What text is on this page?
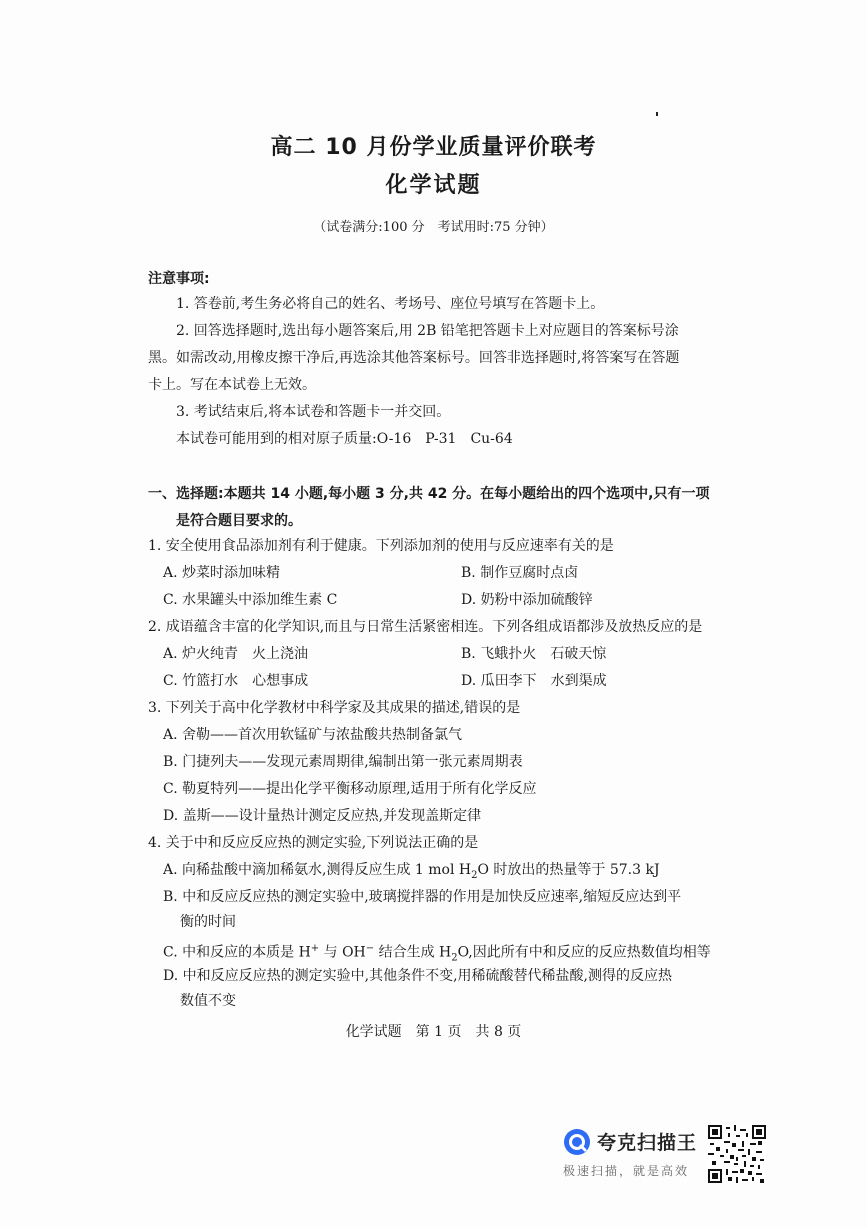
高二 10 月份学业质量评价联考
化学试题
（试卷满分:100 分　考试用时:75 分钟）
注意事项:
1. 答卷前,考生务必将自己的姓名、考场号、座位号填写在答题卡上。
2. 回答选择题时,选出每小题答案后,用 2B 铅笔把答题卡上对应题目的答案标号涂
黑。如需改动,用橡皮擦干净后,再选涂其他答案标号。回答非选择题时,将答案写在答题
卡上。写在本试卷上无效。
3. 考试结束后,将本试卷和答题卡一并交回。
本试卷可能用到的相对原子质量:O-16　P-31　Cu-64
一、选择题:本题共 14 小题,每小题 3 分,共 42 分。在每小题给出的四个选项中,只有一项
是符合题目要求的。
1. 安全使用食品添加剂有利于健康。下列添加剂的使用与反应速率有关的是
A. 炒菜时添加味精	B. 制作豆腐时点卤
C. 水果罐头中添加维生素 C	D. 奶粉中添加硫酸锌
2. 成语蕴含丰富的化学知识,而且与日常生活紧密相连。下列各组成语都涉及放热反应的是
A. 炉火纯青　火上浇油	B. 飞蛾扑火　石破天惊
C. 竹篮打水　心想事成	D. 瓜田李下　水到渠成
3. 下列关于高中化学教材中科学家及其成果的描述,错误的是
A. 舍勒——首次用软锰矿与浓盐酸共热制备氯气
B. 门捷列夫——发现元素周期律,编制出第一张元素周期表
C. 勒夏特列——提出化学平衡移动原理,适用于所有化学反应
D. 盖斯——设计量热计测定反应热,并发现盖斯定律
4. 关于中和反应反应热的测定实验,下列说法正确的是
A. 向稀盐酸中滴加稀氨水,测得反应生成 1 mol $H_2O$ 时放出的热量等于 57.3 kJ
B. 中和反应反应热的测定实验中,玻璃搅拌器的作用是加快反应速率,缩短反应达到平
衡的时间
C. 中和反应的本质是 H+ 与 OH− 结合生成 $H_2O$,因此所有中和反应的反应热数值均相等
D. 中和反应反应热的测定实验中,其他条件不变,用稀硫酸替代稀盐酸,测得的反应热
数值不变
化学试题　第 1 页　共 8 页
夸克扫描王
极速扫描，就是高效
